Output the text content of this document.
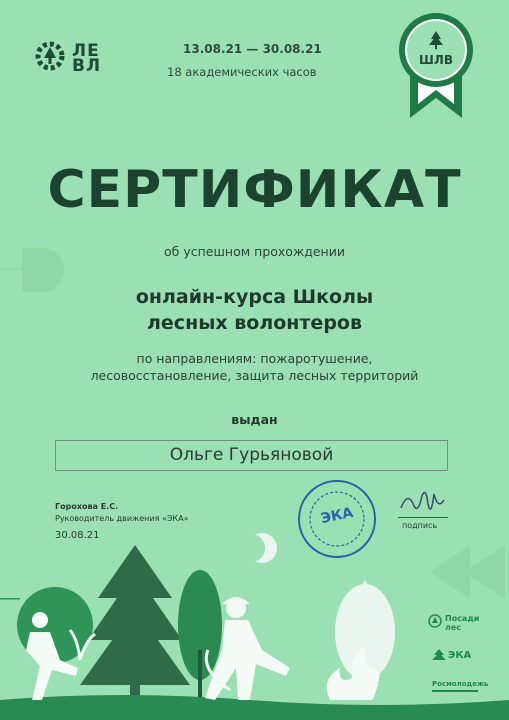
ЛЕ
ВЛ
13.08.21 — 30.08.21
18 академических часов
ШЛВ
СЕРТИФИКАТ
об успешном прохождении
онлайн-курса Школы
лесных волонтеров
по направлениям: пожаротушение,
лесовосстановление, защита лесных территорий
выдан
Ольге Гурьяновой
Горохова Е.С.
Руководитель движения «ЭКА»
30.08.21
ЭКА	подпись
Посади
лес
ЭКА
Росмолодежь
